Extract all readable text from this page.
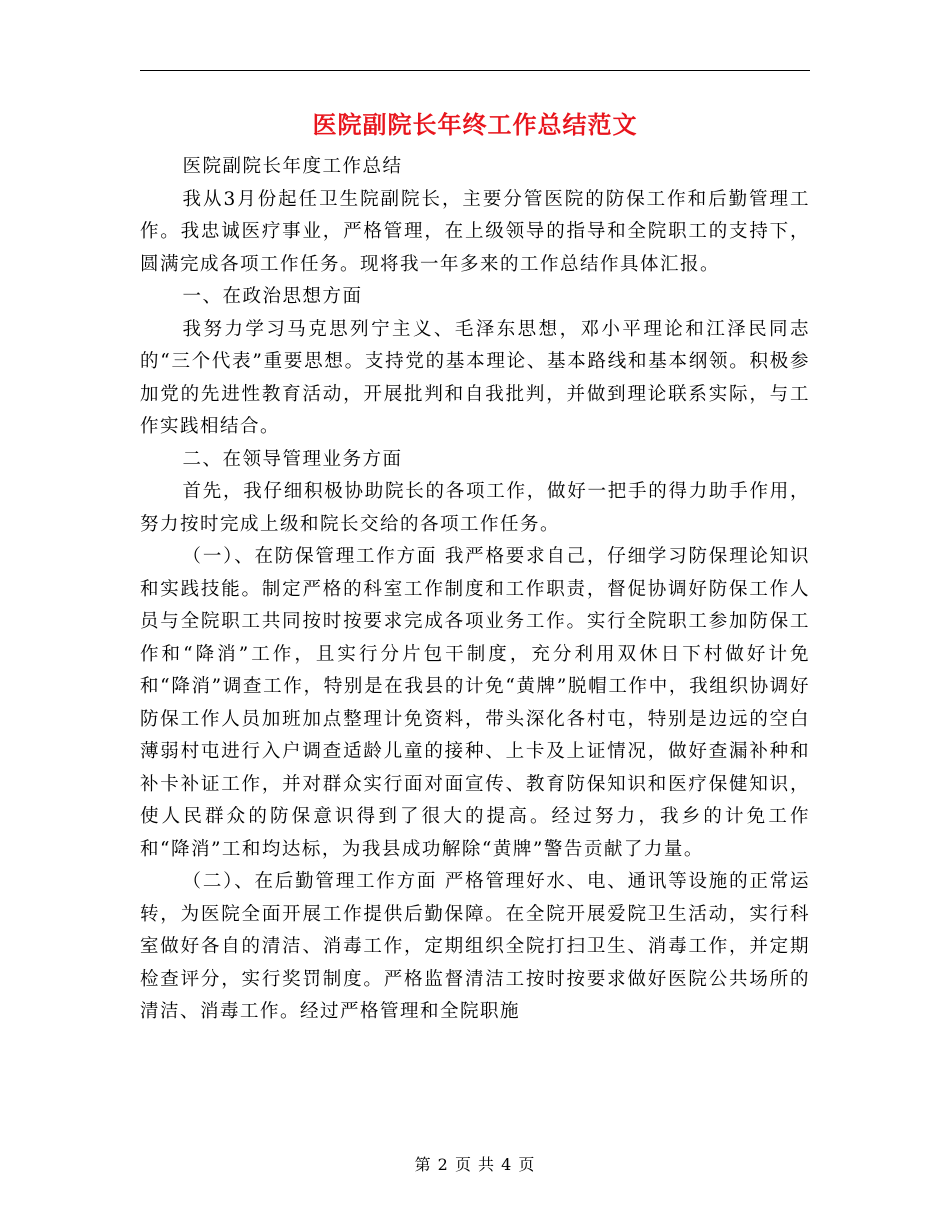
医院副院长年终工作总结范文

医院副院长年度工作总结

我从3月份起任卫生院副院长，主要分管医院的防保工作和后勤管理工作。我忠诚医疗事业，严格管理，在上级领导的指导和全院职工的支持下，圆满完成各项工作任务。现将我一年多来的工作总结作具体汇报。

一、在政治思想方面

我努力学习马克思列宁主义、毛泽东思想，邓小平理论和江泽民同志的“三个代表”重要思想。支持党的基本理论、基本路线和基本纲领。积极参加党的先进性教育活动，开展批判和自我批判，并做到理论联系实际，与工作实践相结合。

二、在领导管理业务方面

首先，我仔细积极协助院长的各项工作，做好一把手的得力助手作用，努力按时完成上级和院长交给的各项工作任务。

（一）、在防保管理工作方面 我严格要求自己，仔细学习防保理论知识和实践技能。制定严格的科室工作制度和工作职责，督促协调好防保工作人员与全院职工共同按时按要求完成各项业务工作。实行全院职工参加防保工作和“降消”工作，且实行分片包干制度，充分利用双休日下村做好计免和“降消”调查工作，特别是在我县的计免“黄牌”脱帽工作中，我组织协调好防保工作人员加班加点整理计免资料，带头深化各村屯，特别是边远的空白薄弱村屯进行入户调查适龄儿童的接种、上卡及上证情况，做好查漏补种和补卡补证工作，并对群众实行面对面宣传、教育防保知识和医疗保健知识，使人民群众的防保意识得到了很大的提高。经过努力，我乡的计免工作和“降消”工和均达标，为我县成功解除“黄牌”警告贡献了力量。

（二）、在后勤管理工作方面 严格管理好水、电、通讯等设施的正常运转，为医院全面开展工作提供后勤保障。在全院开展爱院卫生活动，实行科室做好各自的清洁、消毒工作，定期组织全院打扫卫生、消毒工作，并定期检查评分，实行奖罚制度。严格监督清洁工按时按要求做好医院公共场所的清洁、消毒工作。经过严格管理和全院职施

第 2 页 共 4 页
